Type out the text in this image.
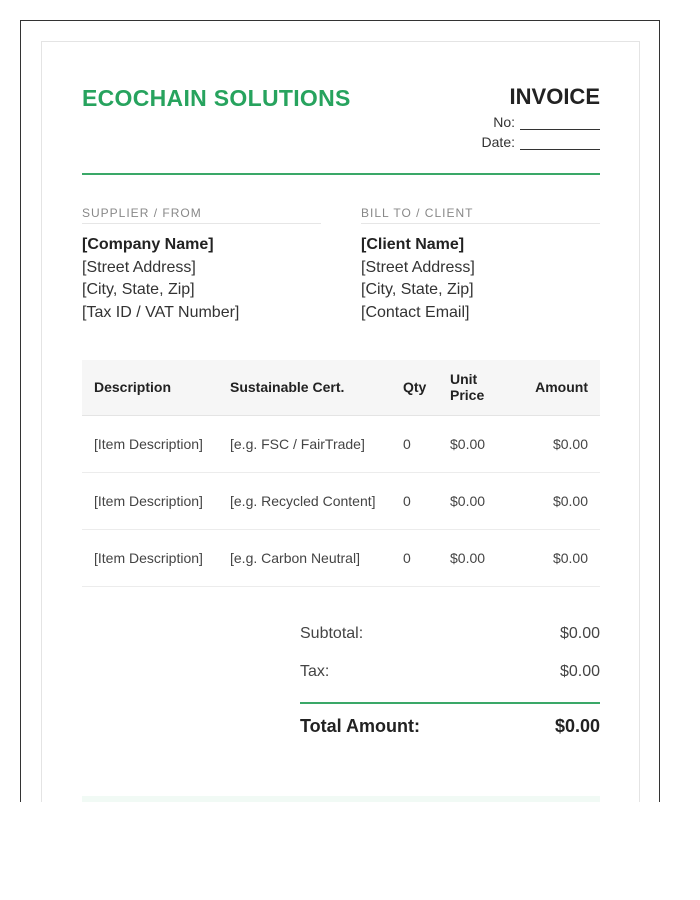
ECOCHAIN SOLUTIONS	INVOICE
No:
Date:
SUPPLIER / FROM
[Company Name]
[Street Address]
[City, State, Zip]
[Tax ID / VAT Number]
BILL TO / CLIENT
[Client Name]
[Street Address]
[City, State, Zip]
[Contact Email]
Description	Sustainable Cert.	Qty	Unit Price	Amount
[Item Description]	[e.g. FSC / FairTrade]	0	$0.00	$0.00
[Item Description]	[e.g. Recycled Content]	0	$0.00	$0.00
[Item Description]	[e.g. Carbon Neutral]	0	$0.00	$0.00
Subtotal:	$0.00
Tax:	$0.00
Total Amount:	$0.00
